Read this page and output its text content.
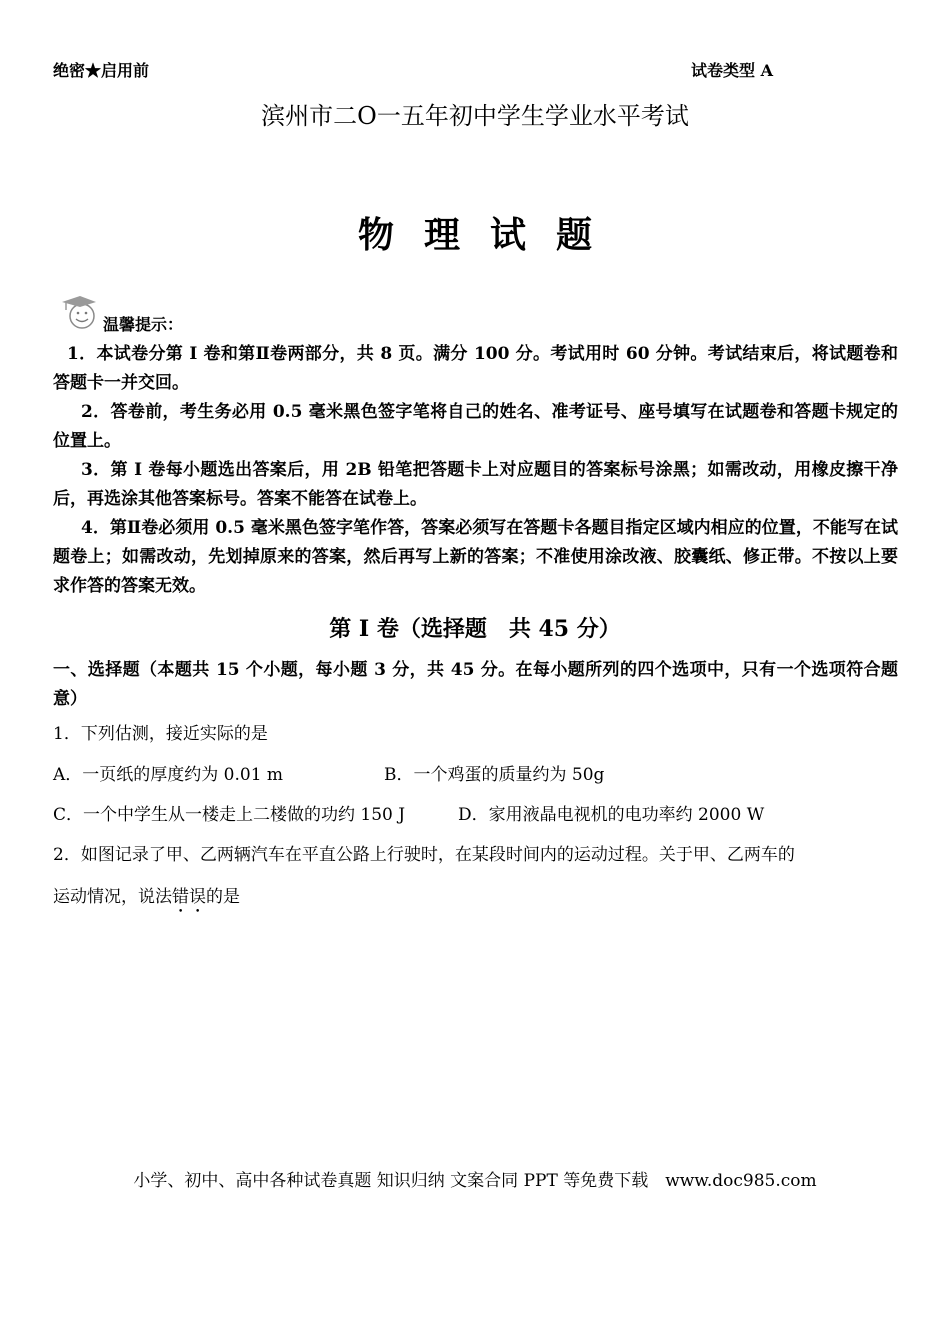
绝密★启用前	试卷类型 A
滨州市二O一五年初中学生学业水平考试
物理试题
温馨提示：

1．本试卷分第 I 卷和第Ⅱ卷两部分，共 8 页。满分 100 分。考试用时 60 分钟。考试结束后，将试题卷和答题卡一并交回。

2．答卷前，考生务必用 0.5 毫米黑色签字笔将自己的姓名、准考证号、座号填写在试题卷和答题卡规定的位置上。

3．第 I 卷每小题选出答案后，用 2B 铅笔把答题卡上对应题目的答案标号涂黑；如需改动，用橡皮擦干净后，再选涂其他答案标号。答案不能答在试卷上。

4．第Ⅱ卷必须用 0.5 毫米黑色签字笔作答，答案必须写在答题卡各题目指定区域内相应的位置，不能写在试题卷上；如需改动，先划掉原来的答案，然后再写上新的答案；不准使用涂改液、胶囊纸、修正带。不按以上要求作答的答案无效。

第 I 卷（选择题　共 45 分）

一、选择题（本题共 15 个小题，每小题 3 分，共 45 分。在每小题所列的四个选项中，只有一个选项符合题意）

1．下列估测，接近实际的是
A．一页纸的厚度约为 0.01 m	B．一个鸡蛋的质量约为 50g
C．一个中学生从一楼走上二楼做的功约 150 J	D．家用液晶电视机的电功率约 2000 W
2．如图记录了甲、乙两辆汽车在平直公路上行驶时，在某段时间内的运动过程。关于甲、乙两车的
运动情况，说法错误的是
小学、初中、高中各种试卷真题 知识归纳 文案合同 PPT 等免费下载　www.doc985.com
